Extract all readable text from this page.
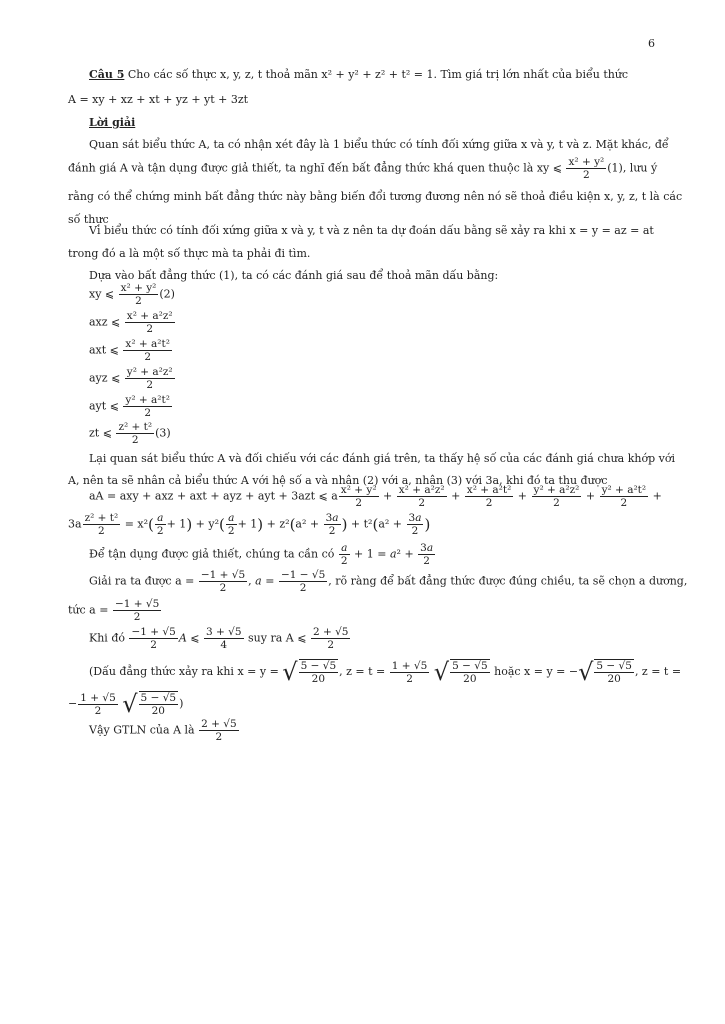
6
Câu 5 Cho các số thực x, y, z, t thoả mãn x² + y² + z² + t² = 1. Tìm giá trị lớn nhất của biểu thức
A = xy + xz + xt + yz + yt + 3zt
Lời giải
Quan sát biểu thức A, ta có nhận xét đây là 1 biểu thức có tính đối xứng giữa x và y, t và z. Mặt khác, để
đánh giá A và tận dụng được giả thiết, ta nghĩ đến bất đẳng thức khá quen thuộc là xy ⩽ $\frac{\text{x² + y²}}{2} (1)$, lưu ý
rằng có thể chứng minh bất đẳng thức này bằng biến đổi tương đương nên nó sẽ thoả điều kiện x, y, z, t là các
số thực
Vì biểu thức có tính đối xứng giữa x và y, t và z nên ta dự đoán dấu bằng sẽ xảy ra khi x = y = az = at
trong đó a là một số thực mà ta phải đi tìm.
Dựa vào bất đẳng thức (1), ta có các đánh giá sau để thoả mãn dấu bằng:
xy ⩽ $\frac{\text{x² + y²}}{2} (2)$
axz ⩽ $\frac{\text{x² + a²z²}}{2}$
axt ⩽ $\frac{\text{x² + a²t²}}{2}$
ayz ⩽ $\frac{\text{y² + a²z²}}{2}$
ayt ⩽ $\frac{\text{y² + a²t²}}{2}$
zt ⩽ $\frac{\text{z² + t²}}{2} (3)$
Lại quan sát biểu thức A và đối chiếu với các đánh giá trên, ta thấy hệ số của các đánh giá chưa khớp với
A, nên ta sẽ nhân cả biểu thức A với hệ số a và nhân (2) với a, nhân (3) với 3a, khi đó ta thu được
aA = axy + axz + axt + ayz + ayt + 3azt ⩽ a $\frac{\text{x² + y²}}{2} + \frac{\text{x² + a²z²}}{2} + \frac{\text{x² + a²t²}}{2} + \frac{\text{y² + a²z²}}{2} + \frac{\text{y² + a²t²}}{2}$ +
$3a \frac{\text{z² + t²}}{2} = x^2( \frac{a}{2} + 1) + y^2( \frac{a}{2} + 1) + z^2(a^2 + \frac{3a}{2}$ ) + $t^2(a^2 + \frac{3a}{2}$ )
Để tận dụng được giả thiết, chúng ta cần có $\frac{a}{2} + 1 = a^2 + \frac{3a}{2}$
Giải ra ta được $a = \frac{-1 + √5}{2}$ , $a = \frac{-1 - √5}{2}$ , rõ ràng để bất đẳng thức được đúng chiều, ta sẽ chọn a dương,
tức $a = \frac{-1 + √5}{2}$
Khi đó $\frac{-1 + √5}{2}$ A ⩽ $\frac{3 + √5}{4}$ suy ra A ⩽ $\frac{2 + √5}{2}$
(Dấu đẳng thức xảy ra khi x = y = √ $\frac{5 - √5}{20}$ , $z = t = \frac{1 + √5}{2}$ √ $\frac{5 - √5}{20}$ hoặc x = y = −√ $\frac{5 - √5}{20}$ , z = t =
− $\frac{1 + √5}{2}$ √ $\frac{5 - √5}{20}$ )
Vậy GTLN của A là $\frac{2 + √5}{2}$
